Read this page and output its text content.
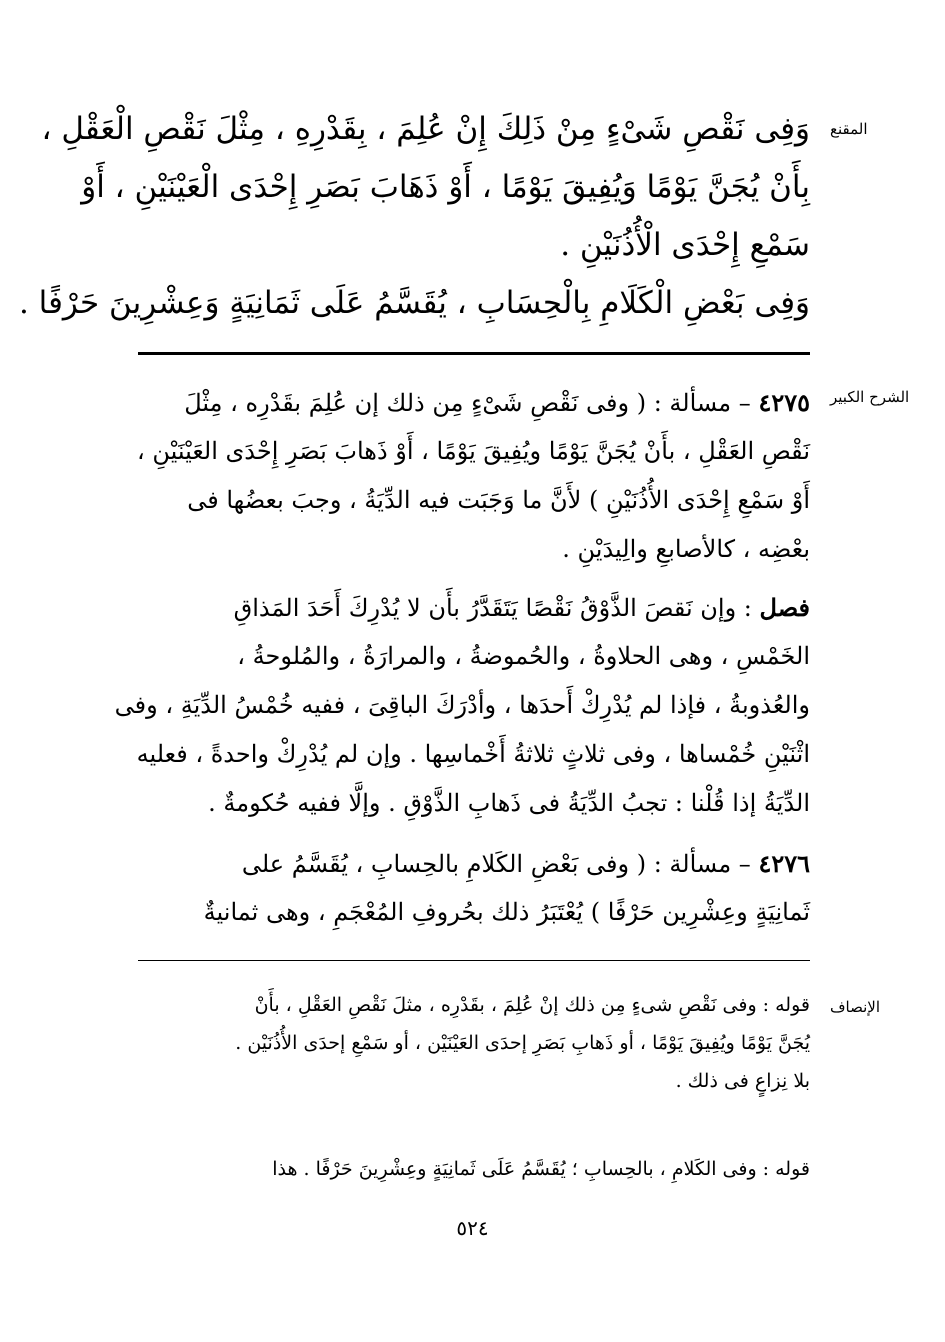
المقنع
وَفِى نَقْصِ شَىْءٍ مِنْ ذَلِكَ إِنْ عُلِمَ ، بِقَدْرِهِ ، مِثْلَ نَقْصِ الْعَقْلِ ،
بِأَنْ يُجَنَّ يَوْمًا وَيُفِيقَ يَوْمًا ، أَوْ ذَهَابَ بَصَرِ إِحْدَى الْعَيْنَيْنِ ، أَوْ
سَمْعِ إِحْدَى الْأُذُنَيْنِ .
وَفِى بَعْضِ الْكَلَامِ بِالْحِسَابِ ، يُقَسَّمُ عَلَى ثَمَانِيَةٍ وَعِشْرِينَ حَرْفًا .
الشرح الكبير
٤٢٧٥ – مسألة : ( وفى نَقْصِ شَىْءٍ مِن ذلك إن عُلِمَ بقَدْرِه ، مِثْلَ
نَقْصِ العَقْلِ ، بأَنْ يُجَنَّ يَوْمًا ويُفِيقَ يَوْمًا ، أَوْ ذَهابَ بَصَرِ إِحْدَى العَيْنَيْنِ ،
أَوْ سَمْعِ إِحْدَى الأُذُنَيْنِ ) لأَنَّ ما وَجَبَت فيه الدِّيَةُ ، وجبَ بعضُها فى
بعْضِه ، كالأصابعِ والِيدَيْنِ .
فصل : وإن نَقصَ الذَّوْقُ نَقْصًا يَتَقَدَّرُ بأَن لا يُدْرِكَ أَحَدَ المَذاقِ
الخَمْسِ ، وهى الحلاوةُ ، والحُموضةُ ، والمرارَةُ ، والمُلوحةُ ،
والعُذوبةُ ، فإذا لم يُدْرِكْ أَحدَها ، وأدْرَكَ الباقِىَ ، ففيه خُمْسُ الدِّيَةِ ، وفى
اثْنَيْنِ خُمْساها ، وفى ثلاثٍ ثلاثةُ أَخْماسِها . وإن لم يُدْرِكْ واحدةً ، فعليه
الدِّيَةُ إذا قُلْنا : تجبُ الدِّيَةُ فى ذَهابِ الذَّوْقِ . وإلَّا ففيه حُكومةٌ .
٤٢٧٦ – مسألة : ( وفى بَعْضِ الكَلامِ بالحِسابِ ، يُقَسَّمُ على
ثَمانِيَةٍ وعِشْرِين حَرْفًا ) يُعْتَبَرُ ذلك بحُروفِ المُعْجَمِ ، وهى ثمانيةٌ
الإنصاف
قوله : وفى نَقْصِ شىءٍ مِن ذلك إنْ عُلِمَ ، بقَدْرِه ، مثلَ نَقْصِ العَقْلِ ، بأَنْ
يُجَنَّ يَوْمًا ويُفِيقَ يَوْمًا ، أو ذَهابِ بَصَرِ إحدَى العَيْنَيْن ، أو سَمْعِ إحدَى الأُذُنَيْن .
بلا نِزاعٍ فى ذلك .
قوله : وفى الكَلامِ ، بالحِسابِ ؛ يُقَسَّمُ عَلَى ثَمانِيَةٍ وعِشْرِينَ حَرْفًا . هذا
٥٢٤
